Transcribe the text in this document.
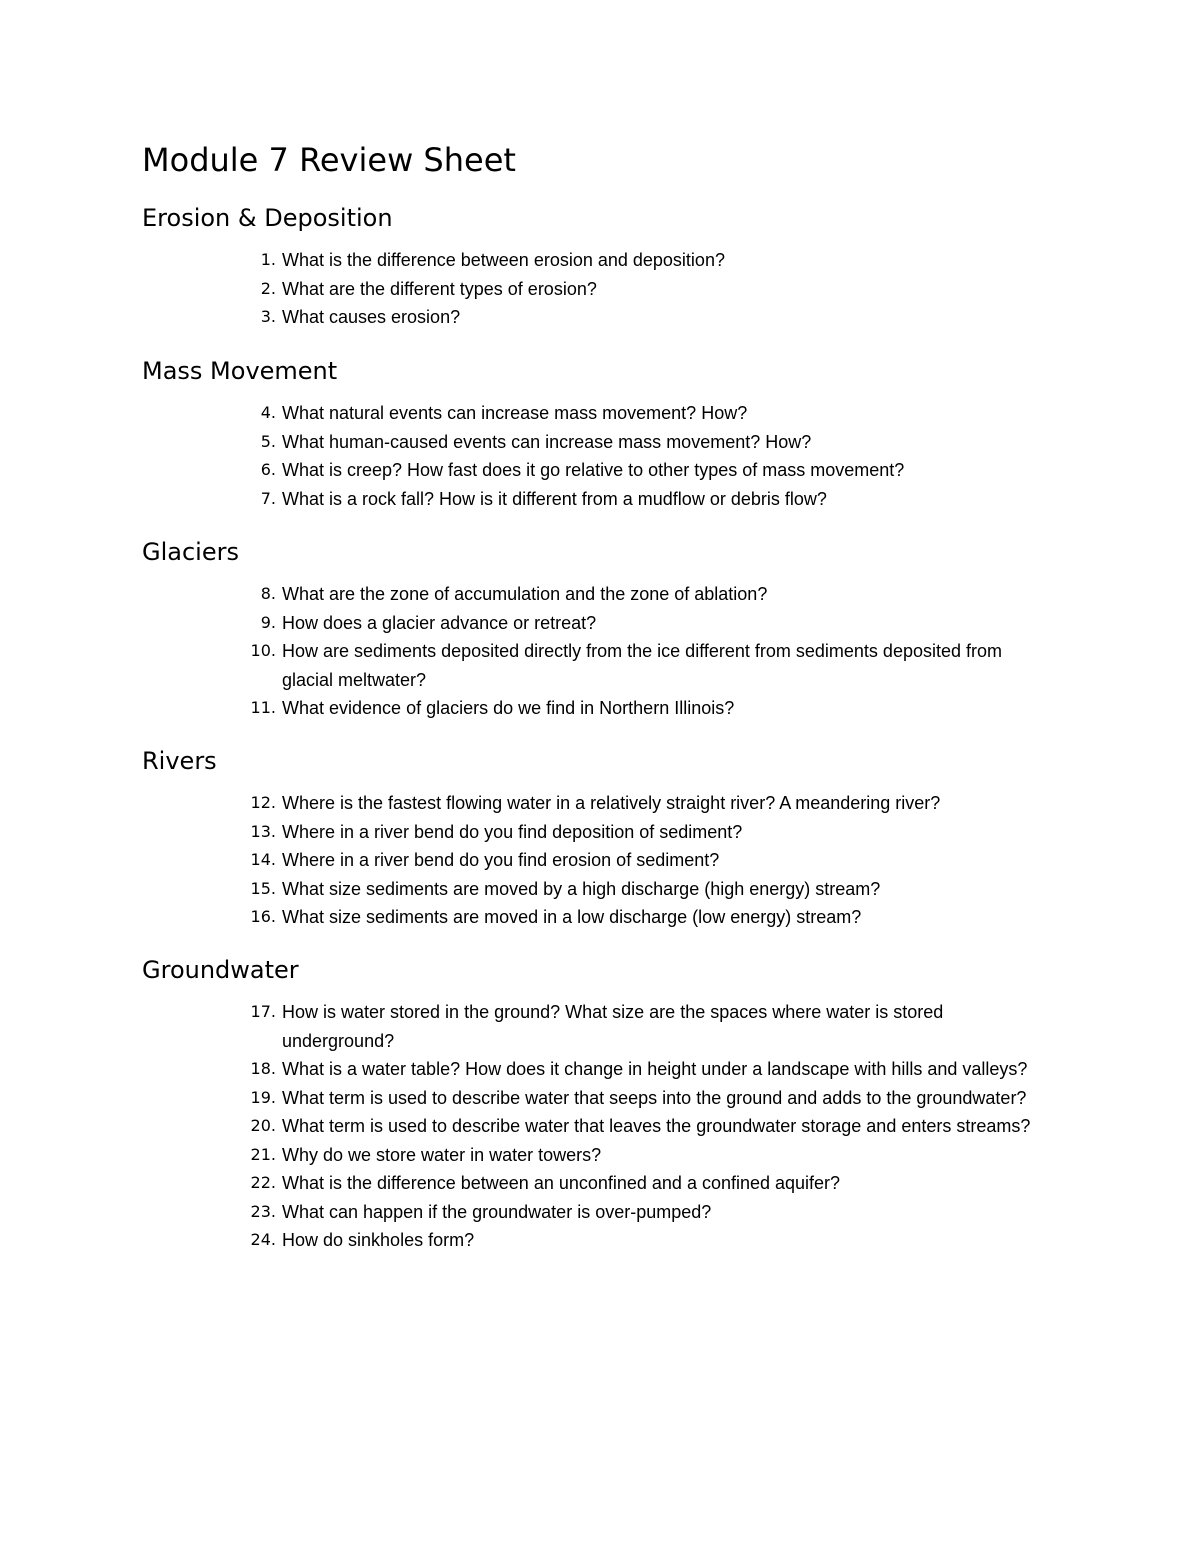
Module 7 Review Sheet
Erosion & Deposition
1. What is the difference between erosion and deposition?
2. What are the different types of erosion?
3. What causes erosion?
Mass Movement
4. What natural events can increase mass movement? How?
5. What human-caused events can increase mass movement? How?
6. What is creep? How fast does it go relative to other types of mass movement?
7. What is a rock fall? How is it different from a mudflow or debris flow?
Glaciers
8. What are the zone of accumulation and the zone of ablation?
9. How does a glacier advance or retreat?
10. How are sediments deposited directly from the ice different from sediments deposited from glacial meltwater?
11. What evidence of glaciers do we find in Northern Illinois?
Rivers
12. Where is the fastest flowing water in a relatively straight river? A meandering river?
13. Where in a river bend do you find deposition of sediment?
14. Where in a river bend do you find erosion of sediment?
15. What size sediments are moved by a high discharge (high energy) stream?
16. What size sediments are moved in a low discharge (low energy) stream?
Groundwater
17. How is water stored in the ground? What size are the spaces where water is stored underground?
18. What is a water table? How does it change in height under a landscape with hills and valleys?
19. What term is used to describe water that seeps into the ground and adds to the groundwater?
20. What term is used to describe water that leaves the groundwater storage and enters streams?
21. Why do we store water in water towers?
22. What is the difference between an unconfined and a confined aquifer?
23. What can happen if the groundwater is over-pumped?
24. How do sinkholes form?
